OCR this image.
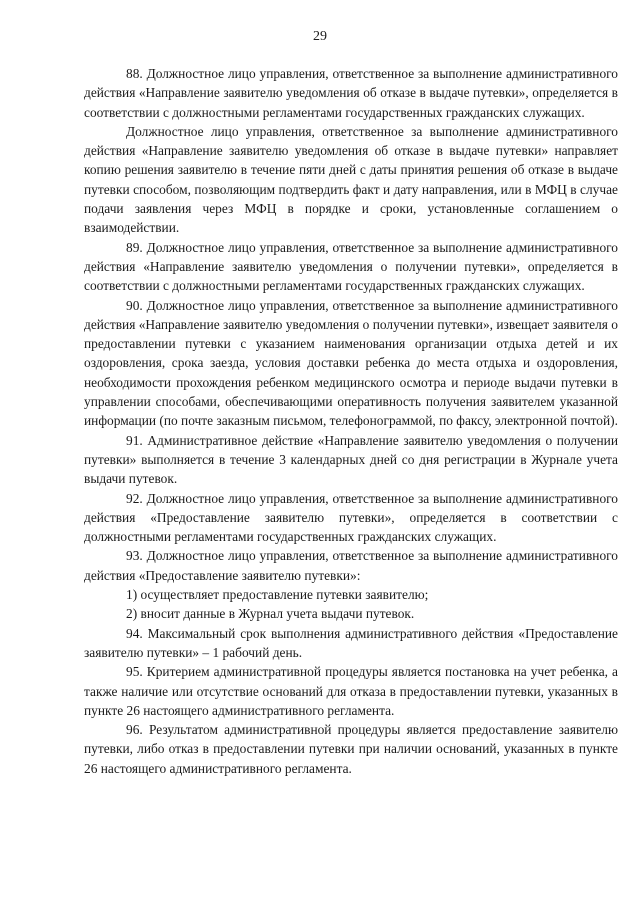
29

88. Должностное лицо управления, ответственное за выполнение административного действия «Направление заявителю уведомления об отказе в выдаче путевки», определяется в соответствии с должностными регламентами государственных гражданских служащих.

Должностное лицо управления, ответственное за выполнение административного действия «Направление заявителю уведомления об отказе в выдаче путевки» направляет копию решения заявителю в течение пяти дней с даты принятия решения об отказе в выдаче путевки способом, позволяющим подтвердить факт и дату направления, или в МФЦ в случае подачи заявления через МФЦ в порядке и сроки, установленные соглашением о взаимодействии.

89. Должностное лицо управления, ответственное за выполнение административного действия «Направление заявителю уведомления о получении путевки», определяется в соответствии с должностными регламентами государственных гражданских служащих.

90. Должностное лицо управления, ответственное за выполнение административного действия «Направление заявителю уведомления о получении путевки», извещает заявителя о предоставлении путевки с указанием наименования организации отдыха детей и их оздоровления, срока заезда, условия доставки ребенка до места отдыха и оздоровления, необходимости прохождения ребенком медицинского осмотра и периоде выдачи путевки в управлении способами, обеспечивающими оперативность получения заявителем указанной информации (по почте заказным письмом, телефонограммой, по факсу, электронной почтой).

91. Административное действие «Направление заявителю уведомления о получении путевки» выполняется в течение 3 календарных дней со дня регистрации в Журнале учета выдачи путевок.

92. Должностное лицо управления, ответственное за выполнение административного действия «Предоставление заявителю путевки», определяется в соответствии с должностными регламентами государственных гражданских служащих.

93. Должностное лицо управления, ответственное за выполнение административного действия «Предоставление заявителю путевки»:

1) осуществляет предоставление путевки заявителю;

2) вносит данные в Журнал учета выдачи путевок.

94. Максимальный срок выполнения административного действия «Предоставление заявителю путевки» – 1 рабочий день.

95. Критерием административной процедуры является постановка на учет ребенка, а также наличие или отсутствие оснований для отказа в предоставлении путевки, указанных в пункте 26 настоящего административного регламента.

96. Результатом административной процедуры является предоставление заявителю путевки, либо отказ в предоставлении путевки при наличии оснований, указанных в пункте 26 настоящего административного регламента.
